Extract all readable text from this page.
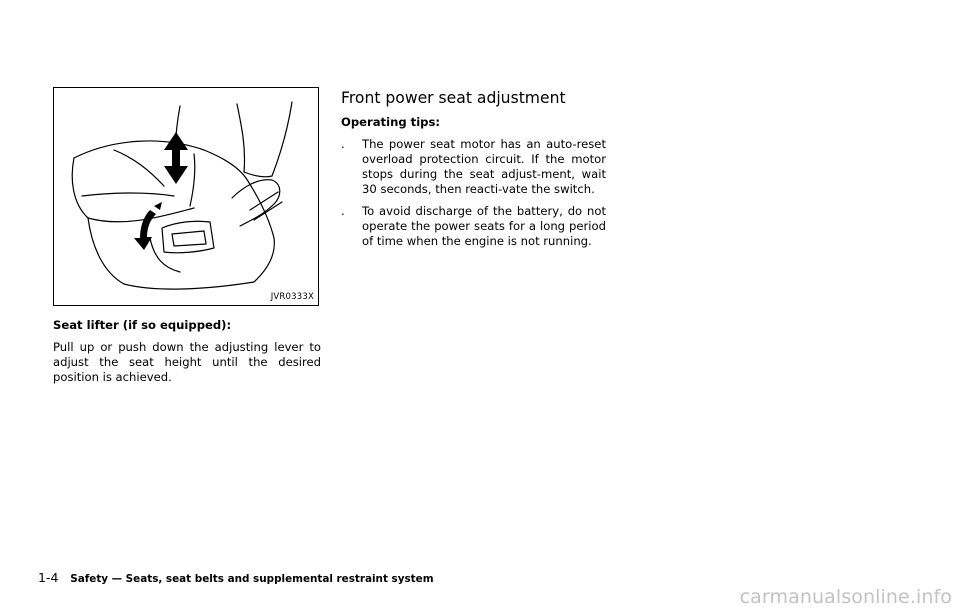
JVR0333X

Seat lifter (if so equipped):

Pull up or push down the adjusting lever to adjust the seat height until the desired position is achieved.

Front power seat adjustment

Operating tips:

. The power seat motor has an auto-reset overload protection circuit. If the motor stops during the seat adjust-ment, wait 30 seconds, then reacti-vate the switch.
. To avoid discharge of the battery, do not operate the power seats for a long period of time when the engine is not running.
1-4 Safety — Seats, seat belts and supplemental restraint system
carmanualsonline.info
